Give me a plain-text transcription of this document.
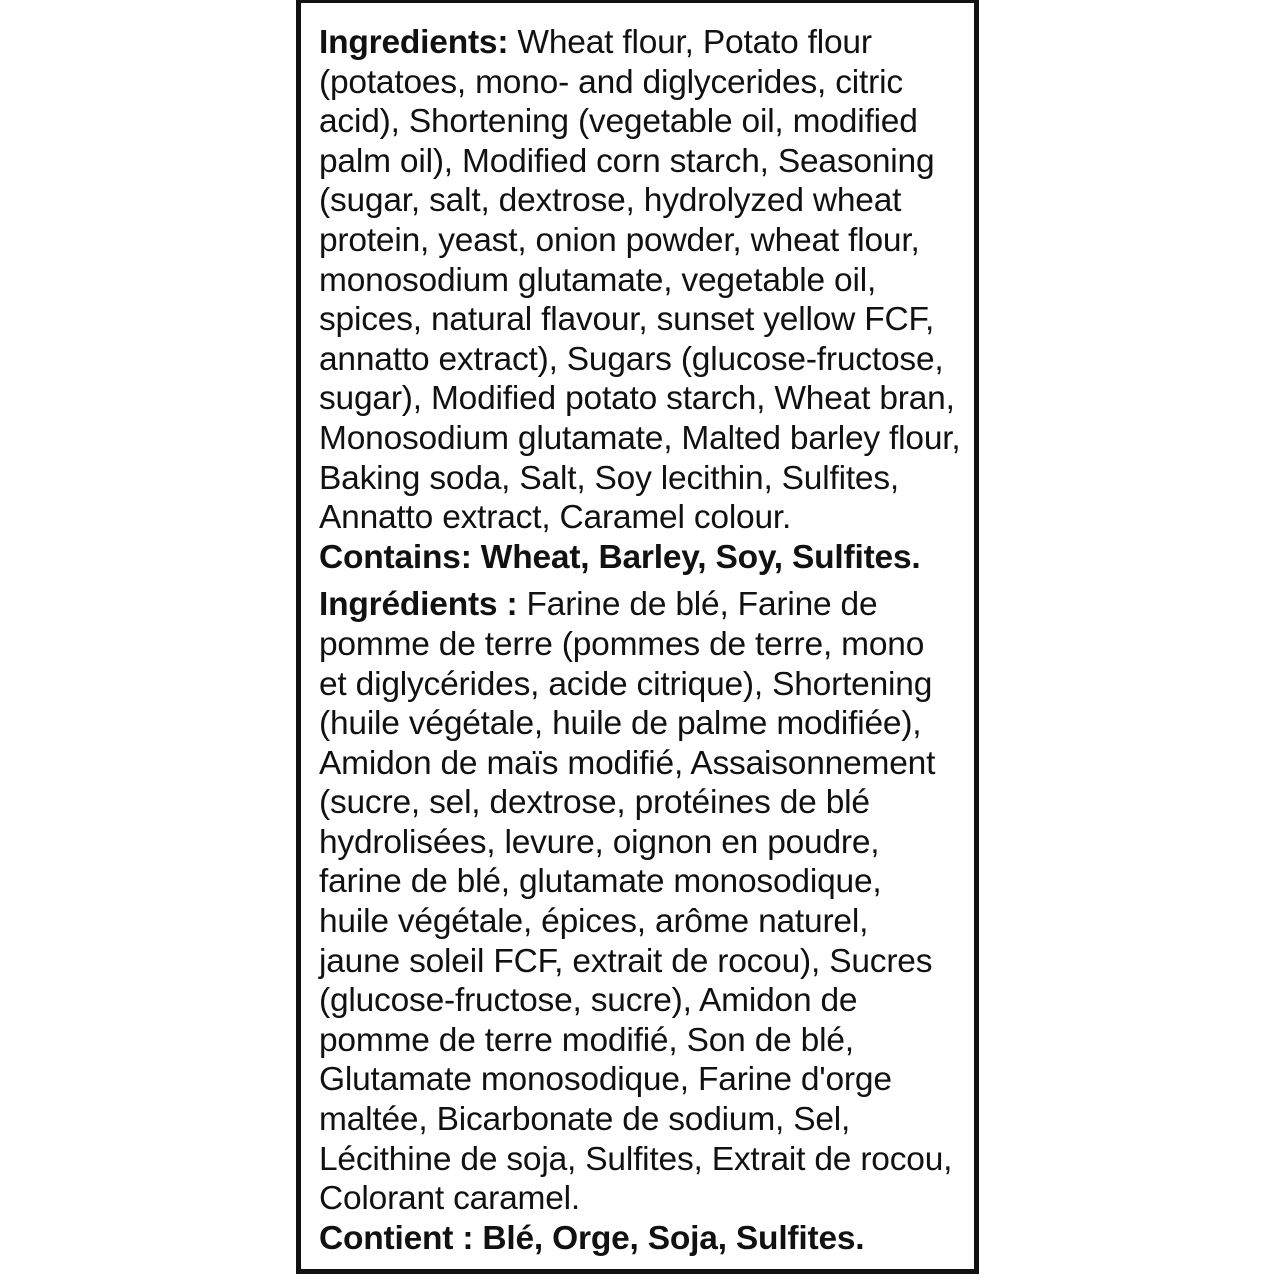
Ingredients: Wheat flour, Potato flour
(potatoes, mono- and diglycerides, citric
acid), Shortening (vegetable oil, modified
palm oil), Modified corn starch, Seasoning
(sugar, salt, dextrose, hydrolyzed wheat
protein, yeast, onion powder, wheat flour,
monosodium glutamate, vegetable oil,
spices, natural flavour, sunset yellow FCF,
annatto extract), Sugars (glucose-fructose,
sugar), Modified potato starch, Wheat bran,
Monosodium glutamate, Malted barley flour,
Baking soda, Salt, Soy lecithin, Sulfites,
Annatto extract, Caramel colour.
Contains: Wheat, Barley, Soy, Sulfites.
Ingrédients : Farine de blé, Farine de
pomme de terre (pommes de terre, mono
et diglycérides, acide citrique), Shortening
(huile végétale, huile de palme modifiée),
Amidon de maïs modifié, Assaisonnement
(sucre, sel, dextrose, protéines de blé
hydrolisées, levure, oignon en poudre,
farine de blé, glutamate monosodique,
huile végétale, épices, arôme naturel,
jaune soleil FCF, extrait de rocou), Sucres
(glucose-fructose, sucre), Amidon de
pomme de terre modifié, Son de blé,
Glutamate monosodique, Farine d'orge
maltée, Bicarbonate de sodium, Sel,
Lécithine de soja, Sulfites, Extrait de rocou,
Colorant caramel.
Contient : Blé, Orge, Soja, Sulfites.
